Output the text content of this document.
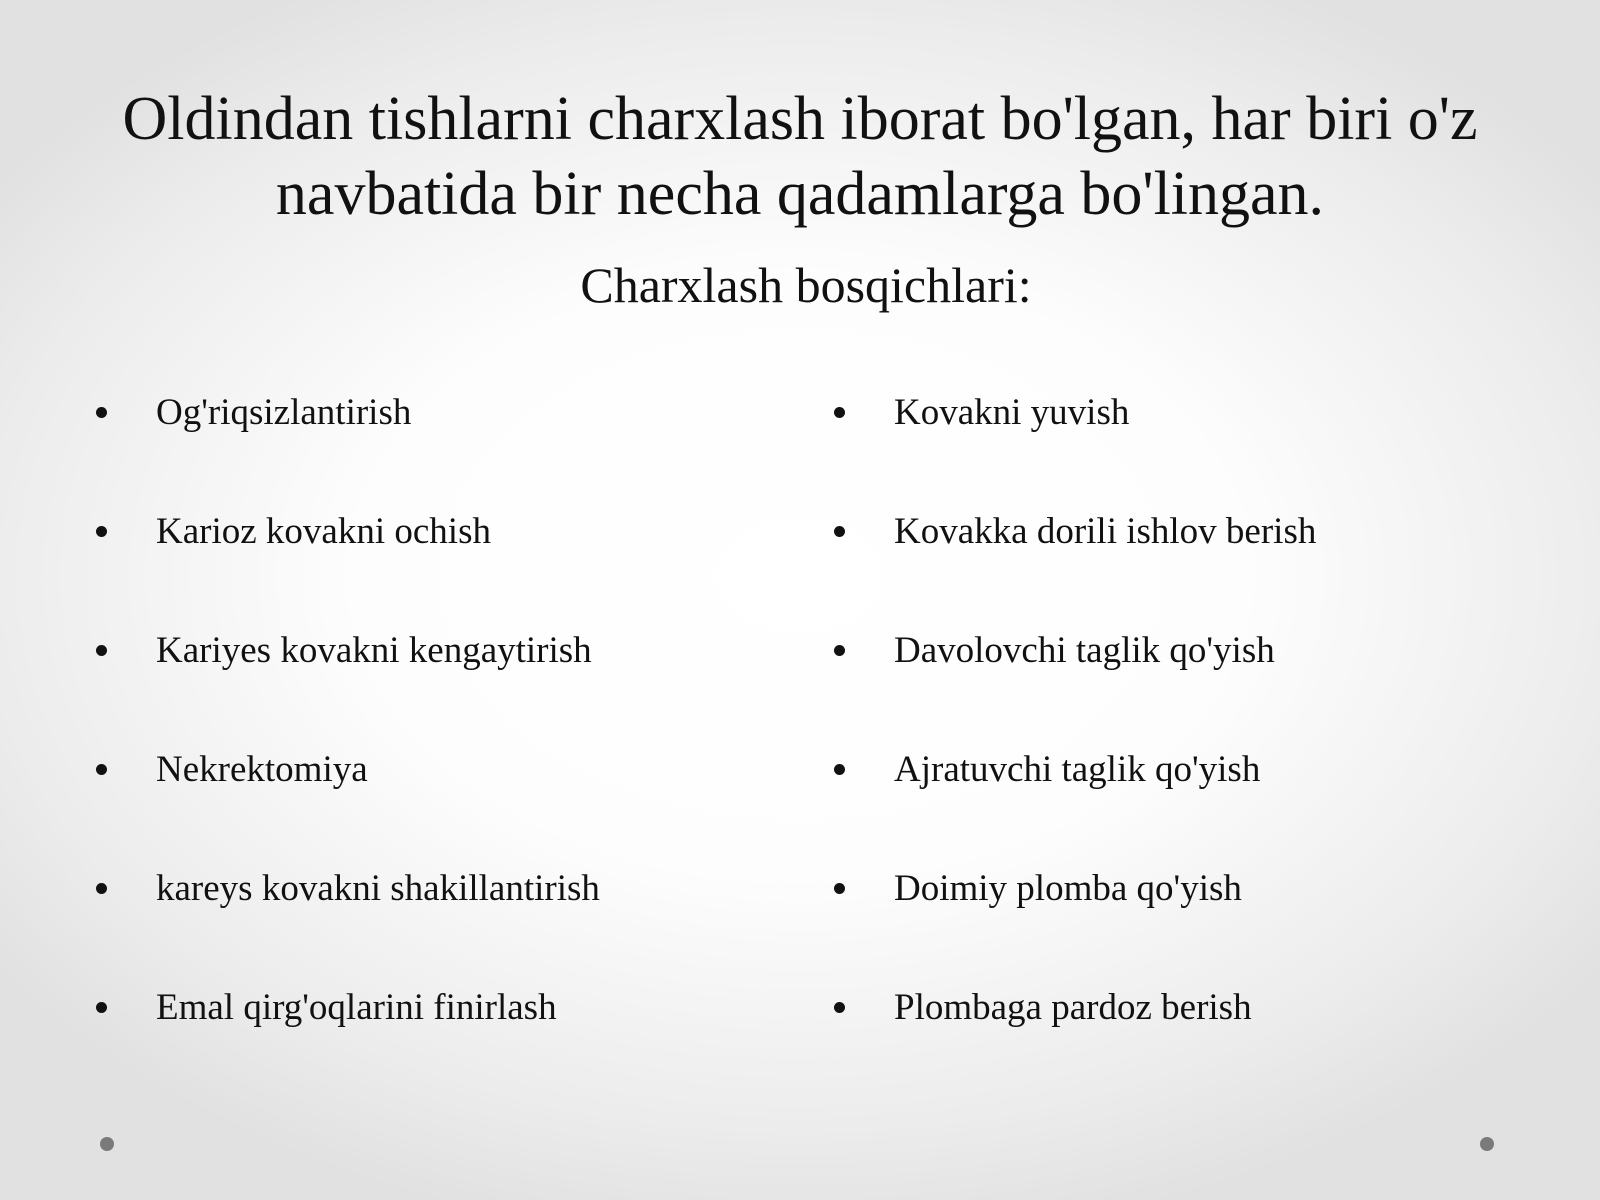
Oldindan tishlarni charxlash iborat bo'lgan, har biri o'z navbatida bir necha qadamlarga bo'lingan.
Charxlash bosqichlari:
Og'riqsizlantirish
Karioz kovakni ochish
Kariyes kovakni kengaytirish
Nekrektomiya
kareys kovakni shakillantirish
Emal qirg'oqlarini finirlash
Kovakni yuvish
Kovakka dorili ishlov berish
Davolovchi taglik qo'yish
Ajratuvchi taglik qo'yish
Doimiy plomba qo'yish
Plombaga pardoz berish
